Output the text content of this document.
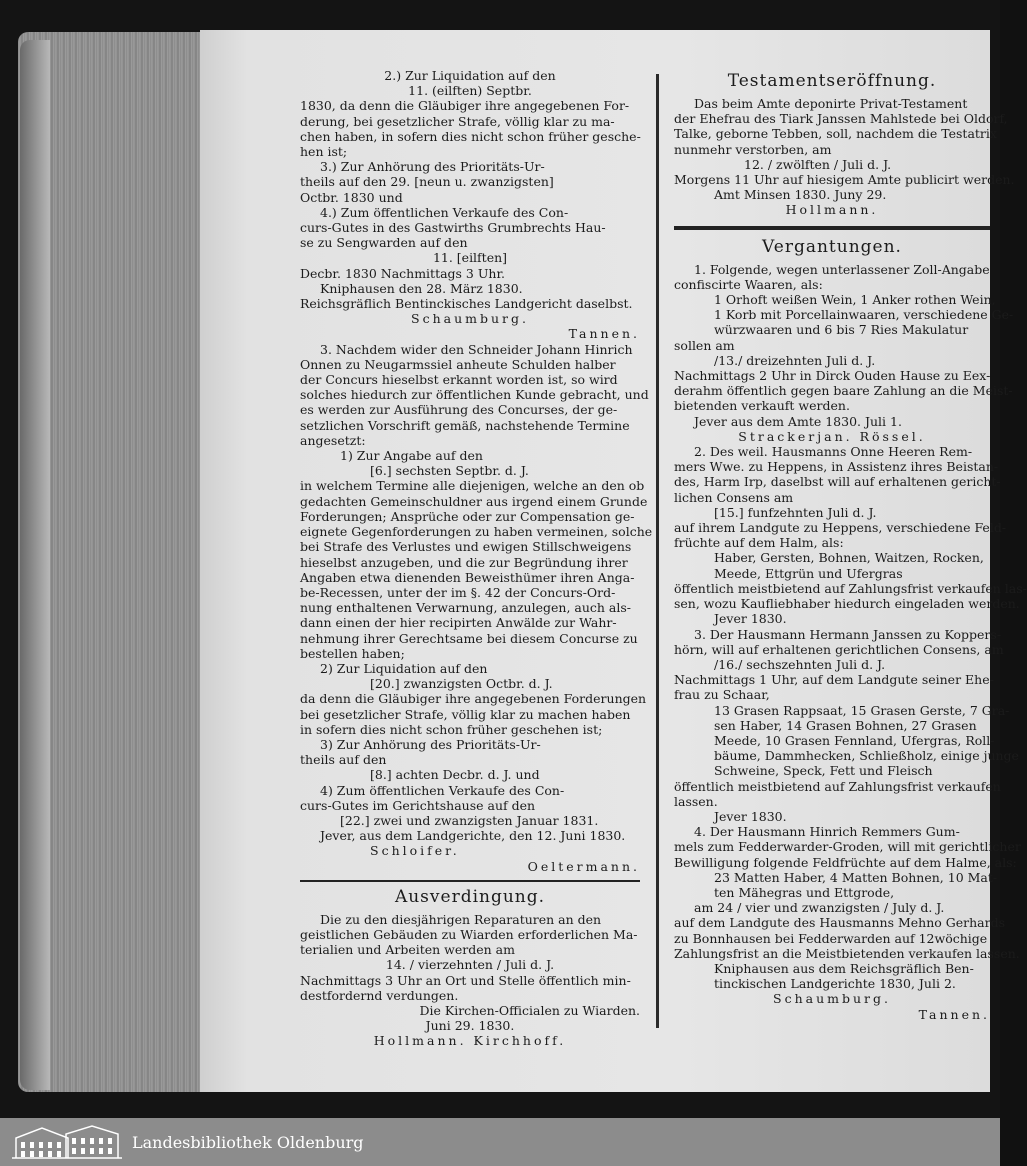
2.) Zur Liquidation auf den

11. (eilften) Septbr.

1830, da denn die Gläubiger ihre angegebenen For-

derung, bei gesetzlicher Strafe, völlig klar zu ma-

chen haben, in sofern dies nicht schon früher gesche-

hen ist;

3.) Zur Anhörung des Prioritäts-Ur-

theils auf den 29. [neun u. zwanzigsten]

Octbr. 1830 und

4.) Zum öffentlichen Verkaufe des Con-

curs-Gutes in des Gastwirths Grumbrechts Hau-

se zu Sengwarden auf den

11. [eilften]

Decbr. 1830 Nachmittags 3 Uhr.

Kniphausen den 28. März 1830.

Reichsgräflich Bentinckisches Landgericht daselbst.

Schaumburg.

Tannen.

3. Nachdem wider den Schneider Johann Hinrich

Onnen zu Neugarmssiel anheute Schulden halber

der Concurs hieselbst erkannt worden ist, so wird

solches hiedurch zur öffentlichen Kunde gebracht, und

es werden zur Ausführung des Concurses, der ge-

setzlichen Vorschrift gemäß, nachstehende Termine

angesetzt:

1) Zur Angabe auf den

[6.] sechsten Septbr. d. J.

in welchem Termine alle diejenigen, welche an den ob

gedachten Gemeinschuldner aus irgend einem Grunde

Forderungen; Ansprüche oder zur Compensation ge-

eignete Gegenforderungen zu haben vermeinen, solche

bei Strafe des Verlustes und ewigen Stillschweigens

hieselbst anzugeben, und die zur Begründung ihrer

Angaben etwa dienenden Beweisthümer ihren Anga-

be-Recessen, unter der im §. 42 der Concurs-Ord-

nung enthaltenen Verwarnung, anzulegen, auch als-

dann einen der hier recipirten Anwälde zur Wahr-

nehmung ihrer Gerechtsame bei diesem Concurse zu

bestellen haben;

2) Zur Liquidation auf den

[20.] zwanzigsten Octbr. d. J.

da denn die Gläubiger ihre angegebenen Forderungen

bei gesetzlicher Strafe, völlig klar zu machen haben

in sofern dies nicht schon früher geschehen ist;

3) Zur Anhörung des Prioritäts-Ur-

theils auf den

[8.] achten Decbr. d. J. und

4) Zum öffentlichen Verkaufe des Con-

curs-Gutes im Gerichtshause auf den

[22.] zwei und zwanzigsten Januar 1831.

Jever, aus dem Landgerichte, den 12. Juni 1830.

Schloifer.

Oeltermann.

Ausverdingung.

Die zu den diesjährigen Reparaturen an den

geistlichen Gebäuden zu Wiarden erforderlichen Ma-

terialien und Arbeiten werden am

14. / vierzehnten / Juli d. J.

Nachmittags 3 Uhr an Ort und Stelle öffentlich min-

destfordernd verdungen.

Die Kirchen-Officialen zu Wiarden.

Juni 29. 1830.

Hollmann. Kirchhoff.

Testamentseröffnung.

Das beim Amte deponirte Privat-Testament

der Ehefrau des Tiark Janssen Mahlstede bei Oldorf,

Talke, geborne Tebben, soll, nachdem die Testatrix

nunmehr verstorben, am

12. / zwölften / Juli d. J.

Morgens 11 Uhr auf hiesigem Amte publicirt werden.

Amt Minsen 1830. Juny 29.

Hollmann.

Vergantungen.

1. Folgende, wegen unterlassener Zoll-Angabe

confiscirte Waaren, als:

1 Orhoft weißen Wein, 1 Anker rothen Wein,

1 Korb mit Porcellainwaaren, verschiedene Ge-

würzwaaren und 6 bis 7 Ries Makulatur

sollen am

/13./ dreizehnten Juli d. J.

Nachmittags 2 Uhr in Dirck Ouden Hause zu Eex-

derahm öffentlich gegen baare Zahlung an die Meist-

bietenden verkauft werden.

Jever aus dem Amte 1830. Juli 1.

Strackerjan. Rössel.

2. Des weil. Hausmanns Onne Heeren Rem-

mers Wwe. zu Heppens, in Assistenz ihres Beistan-

des, Harm Irp, daselbst will auf erhaltenen gericht-

lichen Consens am

[15.] funfzehnten Juli d. J.

auf ihrem Landgute zu Heppens, verschiedene Feld-

früchte auf dem Halm, als:

Haber, Gersten, Bohnen, Waitzen, Rocken,

Meede, Ettgrün und Ufergras

öffentlich meistbietend auf Zahlungsfrist verkaufen las-

sen, wozu Kaufliebhaber hiedurch eingeladen werden.

Jever 1830.

3. Der Hausmann Hermann Janssen zu Koppers-

hörn, will auf erhaltenen gerichtlichen Consens, am

/16./ sechszehnten Juli d. J.

Nachmittags 1 Uhr, auf dem Landgute seiner Ehe-

frau zu Schaar,

13 Grasen Rappsaat, 15 Grasen Gerste, 7 Gra-

sen Haber, 14 Grasen Bohnen, 27 Grasen

Meede, 10 Grasen Fennland, Ufergras, Roll-

bäume, Dammhecken, Schließholz, einige junge

Schweine, Speck, Fett und Fleisch

öffentlich meistbietend auf Zahlungsfrist verkaufen

lassen.

Jever 1830.

4. Der Hausmann Hinrich Remmers Gum-

mels zum Fedderwarder-Groden, will mit gerichtlicher

Bewilligung folgende Feldfrüchte auf dem Halme, als:

23 Matten Haber, 4 Matten Bohnen, 10 Mat-

ten Mähegras und Ettgrode,

am 24 / vier und zwanzigsten / July d. J.

auf dem Landgute des Hausmanns Mehno Gerhards

zu Bonnhausen bei Fedderwarden auf 12wöchige

Zahlungsfrist an die Meistbietenden verkaufen lassen.

Kniphausen aus dem Reichsgräflich Ben-

tinckischen Landgerichte 1830, Juli 2.

Schaumburg.

Tannen.

Landesbibliothek Oldenburg
